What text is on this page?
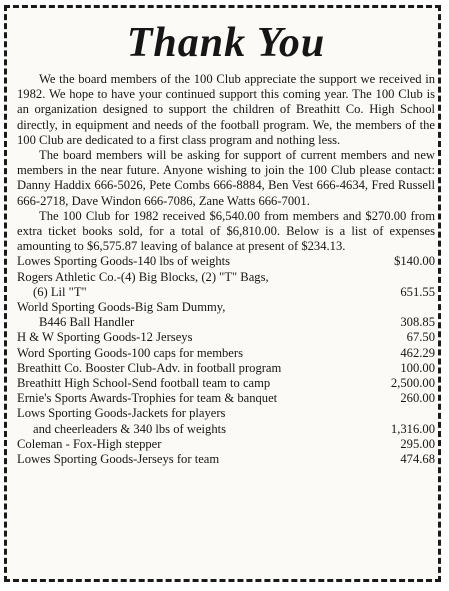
Thank You

We the board members of the 100 Club appreciate the support we received in 1982. We hope to have your continued support this coming year. The 100 Club is an organization designed to support the children of Breathitt Co. High School directly, in equipment and needs of the football program. We, the members of the 100 Club are dedicated to a first class program and nothing less.

The board members will be asking for support of current members and new members in the near future. Anyone wishing to join the 100 Club please contact: Danny Haddix 666-5026, Pete Combs 666-8884, Ben Vest 666-4634, Fred Russell 666-2718, Dave Windon 666-7086, Zane Watts 666-7001.

The 100 Club for 1982 received $6,540.00 from members and $270.00 from extra ticket books sold, for a total of $6,810.00. Below is a list of expenses amounting to $6,575.87 leaving of balance at present of $234.13.

Lowes Sporting Goods-140 lbs of weights	$140.00
Rogers Athletic Co.-(4) Big Blocks, (2) "T" Bags,	
(6) Lil "T"	651.55
World Sporting Goods-Big Sam Dummy,	
B446 Ball Handler	308.85
H & W Sporting Goods-12 Jerseys	67.50
Word Sporting Goods-100 caps for members	462.29
Breathitt Co. Booster Club-Adv. in football program	100.00
Breathitt High School-Send football team to camp	2,500.00
Ernie's Sports Awards-Trophies for team & banquet	260.00
Lows Sporting Goods-Jackets for players	
and cheerleaders & 340 lbs of weights	1,316.00
Coleman - Fox-High stepper	295.00
Lowes Sporting Goods-Jerseys for team	474.68
